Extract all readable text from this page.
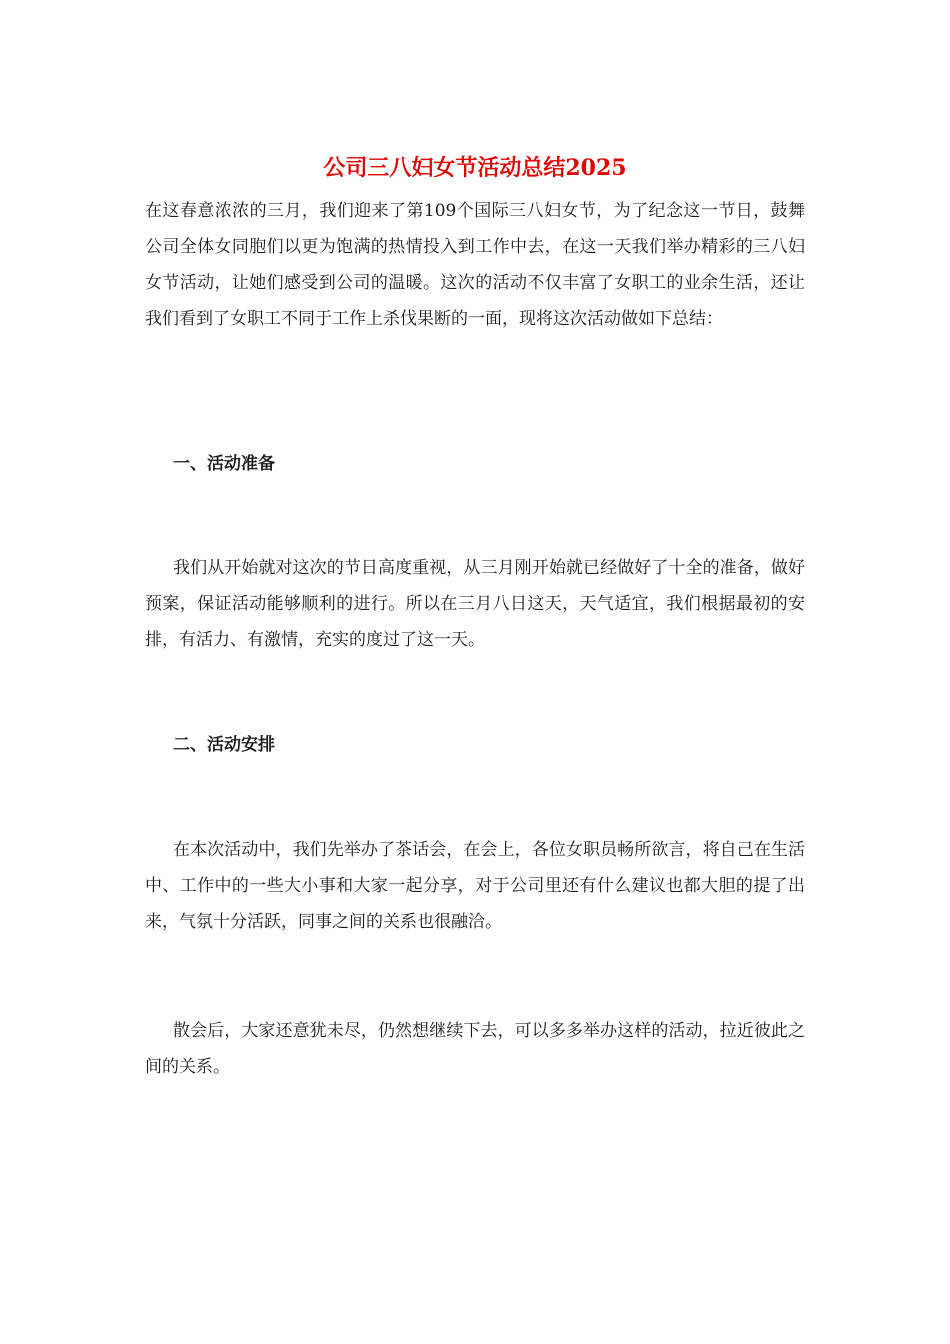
公司三八妇女节活动总结2025

在这春意浓浓的三月，我们迎来了第109个国际三八妇女节，为了纪念这一节日，鼓舞公司全体女同胞们以更为饱满的热情投入到工作中去，在这一天我们举办精彩的三八妇女节活动，让她们感受到公司的温暖。这次的活动不仅丰富了女职工的业余生活，还让我们看到了女职工不同于工作上杀伐果断的一面，现将这次活动做如下总结：

一、活动准备

我们从开始就对这次的节日高度重视，从三月刚开始就已经做好了十全的准备，做好预案，保证活动能够顺利的进行。所以在三月八日这天，天气适宜，我们根据最初的安排，有活力、有激情，充实的度过了这一天。

二、活动安排

在本次活动中，我们先举办了茶话会，在会上，各位女职员畅所欲言，将自己在生活中、工作中的一些大小事和大家一起分享，对于公司里还有什么建议也都大胆的提了出来，气氛十分活跃，同事之间的关系也很融洽。

散会后，大家还意犹未尽，仍然想继续下去，可以多多举办这样的活动，拉近彼此之间的关系。
